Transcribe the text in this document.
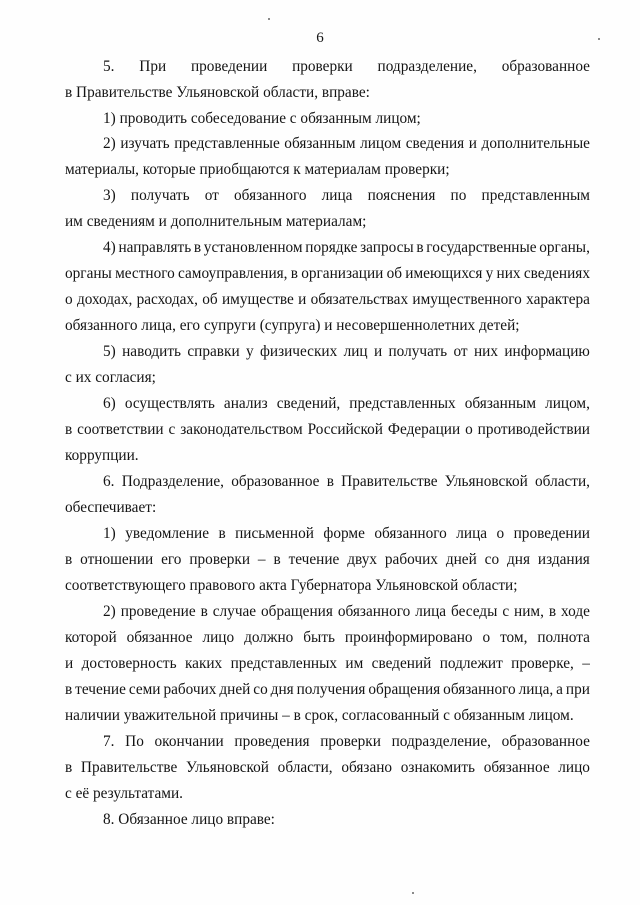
6
5. При проведении проверки подразделение, образованное
в Правительстве Ульяновской области, вправе:
1) проводить собеседование с обязанным лицом;
2) изучать представленные обязанным лицом сведения и дополнительные
материалы, которые приобщаются к материалам проверки;
3) получать от обязанного лица пояснения по представленным
им сведениям и дополнительным материалам;
4) направлять в установленном порядке запросы в государственные органы,
органы местного самоуправления, в организации об имеющихся у них сведениях
о доходах, расходах, об имуществе и обязательствах имущественного характера
обязанного лица, его супруги (супруга) и несовершеннолетних детей;
5) наводить справки у физических лиц и получать от них информацию
с их согласия;
6) осуществлять анализ сведений, представленных обязанным лицом,
в соответствии с законодательством Российской Федерации о противодействии
коррупции.
6. Подразделение, образованное в Правительстве Ульяновской области,
обеспечивает:
1) уведомление в письменной форме обязанного лица о проведении
в отношении его проверки – в течение двух рабочих дней со дня издания
соответствующего правового акта Губернатора Ульяновской области;
2) проведение в случае обращения обязанного лица беседы с ним, в ходе
которой обязанное лицо должно быть проинформировано о том, полнота
и достоверность каких представленных им сведений подлежит проверке, –
в течение семи рабочих дней со дня получения обращения обязанного лица, а при
наличии уважительной причины – в срок, согласованный с обязанным лицом.
7. По окончании проведения проверки подразделение, образованное
в Правительстве Ульяновской области, обязано ознакомить обязанное лицо
с её результатами.
8. Обязанное лицо вправе:
